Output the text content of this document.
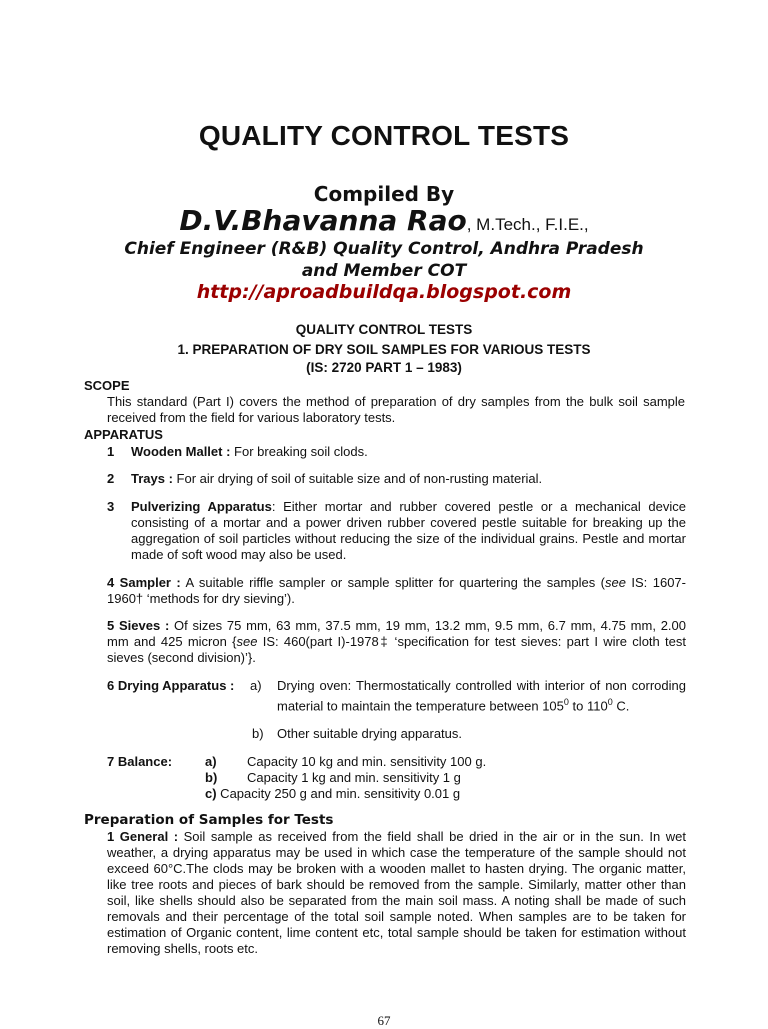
QUALITY CONTROL TESTS
Compiled By
D.V.Bhavanna Rao, M.Tech., F.I.E.,
Chief Engineer (R&B) Quality Control, Andhra Pradesh
and Member COT
http://aproadbuildqa.blogspot.com
QUALITY CONTROL TESTS
1. PREPARATION OF DRY SOIL SAMPLES FOR VARIOUS TESTS
(IS: 2720 PART 1 – 1983)
SCOPE
This standard (Part I) covers the method of preparation of dry samples from the bulk soil sample received from the field for various laboratory tests.
APPARATUS
1 Wooden Mallet : For breaking soil clods.
2 Trays : For air drying of soil of suitable size and of non-rusting material.
3 Pulverizing Apparatus: Either mortar and rubber covered pestle or a mechanical device consisting of a mortar and a power driven rubber covered pestle suitable for breaking up the aggregation of soil particles without reducing the size of the individual grains. Pestle and mortar made of soft wood may also be used.
4 Sampler : A suitable riffle sampler or sample splitter for quartering the samples (see IS: 1607-1960† ‘methods for dry sieving’).
5 Sieves : Of sizes 75 mm, 63 mm, 37.5 mm, 19 mm, 13.2 mm, 9.5 mm, 6.7 mm, 4.75 mm, 2.00 mm and 425 micron {see IS: 460(part I)-1978‡ ‘specification for test sieves: part I wire cloth test sieves (second division)’}.
6 Drying Apparatus : a) Drying oven: Thermostatically controlled with interior of non corroding material to maintain the temperature between $105^0$ to $110^0$ C.
b) Other suitable drying apparatus.
7 Balance:	a) Capacity 10 kg and min. sensitivity 100 g.
b) Capacity 1 kg and min. sensitivity 1 g
c) Capacity 250 g and min. sensitivity 0.01 g
Preparation of Samples for Tests
1 General : Soil sample as received from the field shall be dried in the air or in the sun. In wet weather, a drying apparatus may be used in which case the temperature of the sample should not exceed 60°C.The clods may be broken with a wooden mallet to hasten drying. The organic matter, like tree roots and pieces of bark should be removed from the sample. Similarly, matter other than soil, like shells should also be separated from the main soil mass. A noting shall be made of such removals and their percentage of the total soil sample noted. When samples are to be taken for estimation of Organic content, lime content etc, total sample should be taken for estimation without removing shells, roots etc.
67
